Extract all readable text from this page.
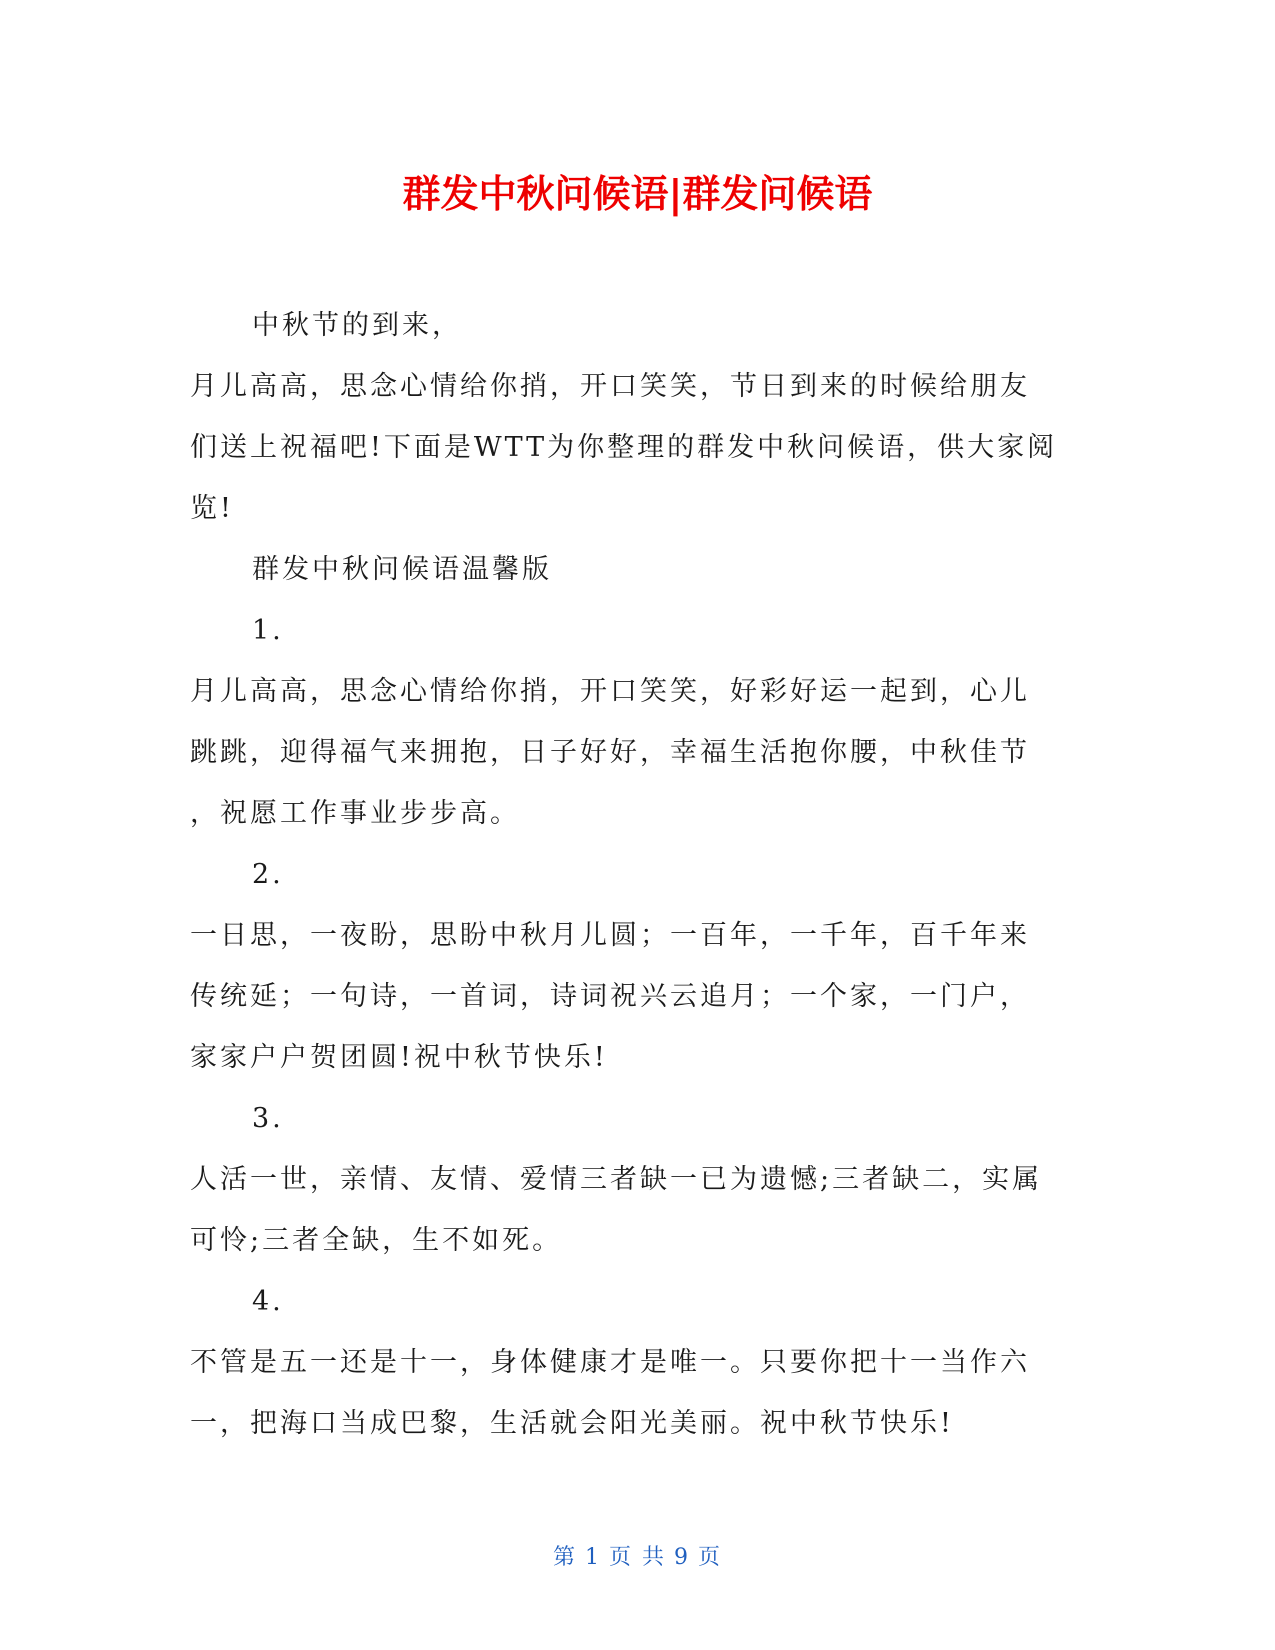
群发中秋问候语|群发问候语
中秋节的到来，
月儿高高，思念心情给你捎，开口笑笑，节日到来的时候给朋友
们送上祝福吧!下面是WTT为你整理的群发中秋问候语，供大家阅
览!
群发中秋问候语温馨版
1.
月儿高高，思念心情给你捎，开口笑笑，好彩好运一起到，心儿
跳跳，迎得福气来拥抱，日子好好，幸福生活抱你腰，中秋佳节
，祝愿工作事业步步高。
2.
一日思，一夜盼，思盼中秋月儿圆；一百年，一千年，百千年来
传统延；一句诗，一首词，诗词祝兴云追月；一个家，一门户，
家家户户贺团圆!祝中秋节快乐!
3.
人活一世，亲情、友情、爱情三者缺一已为遗憾;三者缺二，实属
可怜;三者全缺，生不如死。
4.
不管是五一还是十一，身体健康才是唯一。只要你把十一当作六
一，把海口当成巴黎，生活就会阳光美丽。祝中秋节快乐!
第 1 页 共 9 页
